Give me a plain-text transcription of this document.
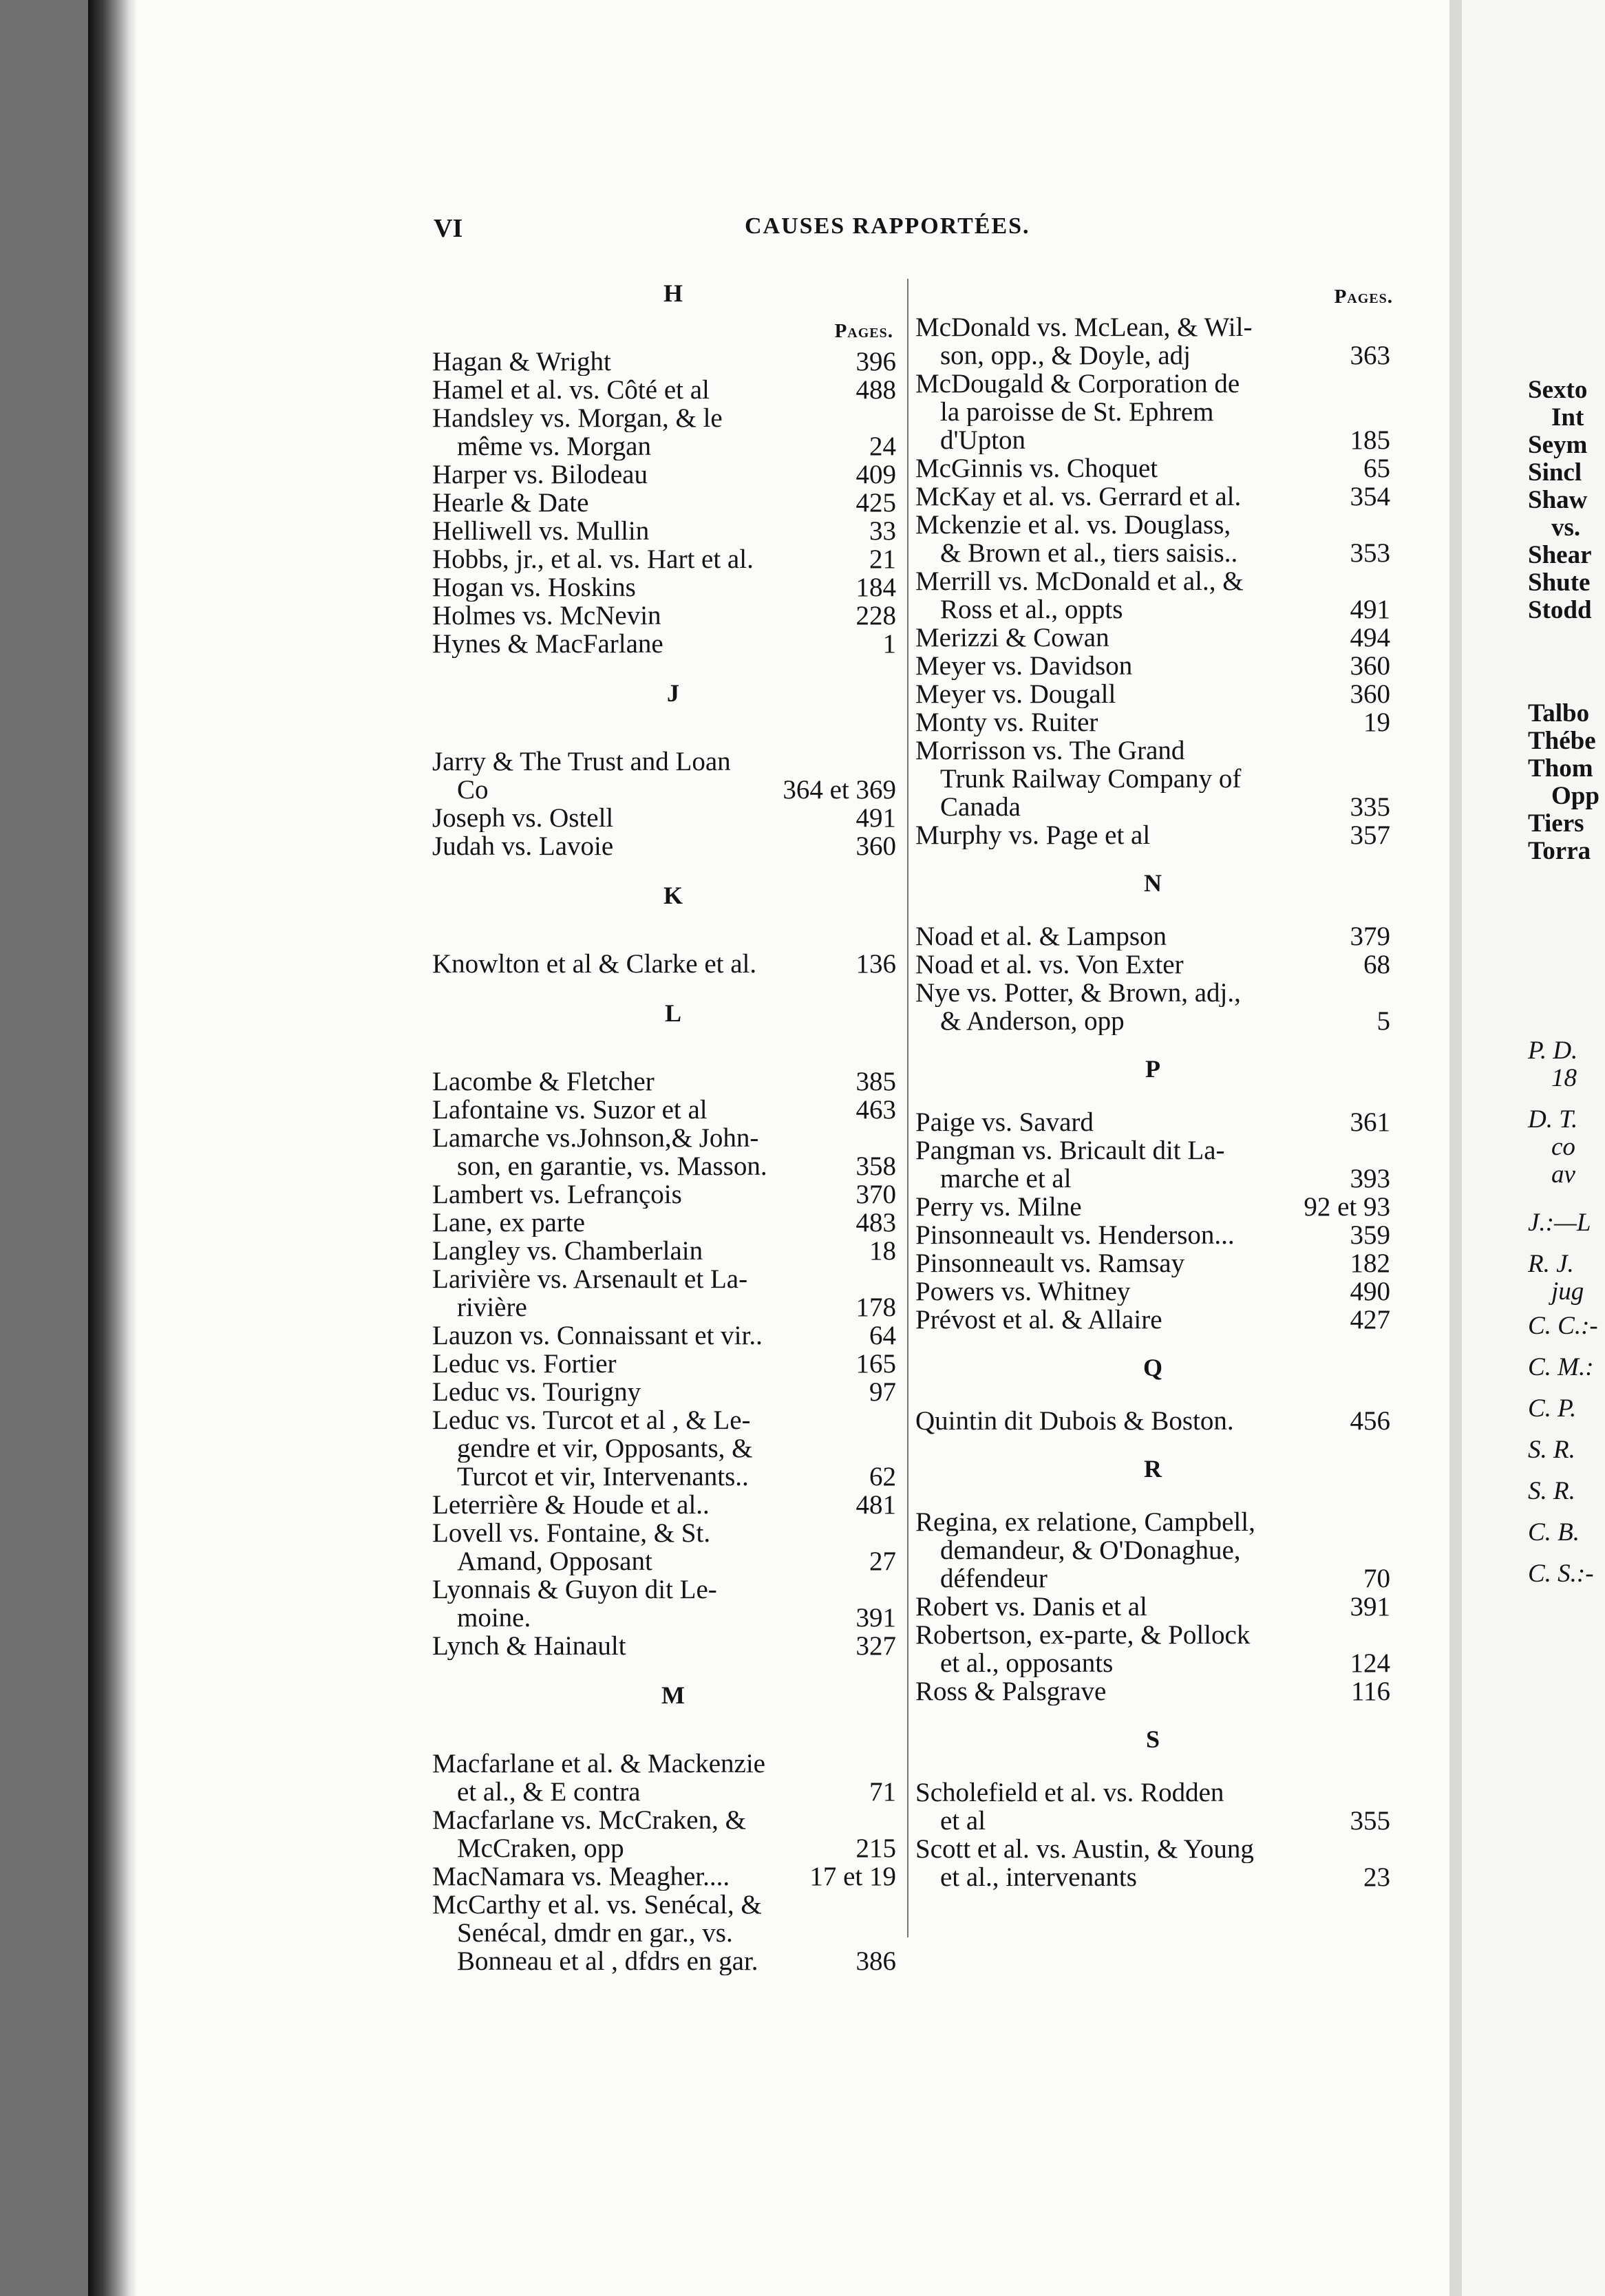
Sexto
Int
Seym
Sincl
Shaw
vs.
Shear
Shute
Stodd
Talbo
Thébe
Thom
Opp
Tiers
Torra
P. D.
18
D. T.
co
av
J.:—L
R. J.
jug
C. C.:-
C. M.:
C. P.
S. R.
S. R.
C. B.
C. S.:-
VI	CAUSES RAPPORTÉES.
Pages.
H
Hagan & Wright	396
Hamel et al. vs. Côté et al	488
Handsley vs. Morgan, & le
même vs. Morgan	24
Harper vs. Bilodeau	409
Hearle & Date	425
Helliwell vs. Mullin	33
Hobbs, jr., et al. vs. Hart et al.	21
Hogan vs. Hoskins	184
Holmes vs. McNevin	228
Hynes & MacFarlane	1
J
Jarry & The Trust and Loan
Co	364 et 369
Joseph vs. Ostell	491
Judah vs. Lavoie	360
K
Knowlton et al & Clarke et al.	136
L
Lacombe & Fletcher	385
Lafontaine vs. Suzor et al	463
Lamarche vs.Johnson,& John-
son, en garantie, vs. Masson.	358
Lambert vs. Lefrançois	370
Lane, ex parte	483
Langley vs. Chamberlain	18
Larivière vs. Arsenault et La-
rivière	178
Lauzon vs. Connaissant et vir..	64
Leduc vs. Fortier	165
Leduc vs. Tourigny	97
Leduc vs. Turcot et al , & Le-
gendre et vir, Opposants, &
Turcot et vir, Intervenants..	62
Leterrière & Houde et al..	481
Lovell vs. Fontaine, & St.
Amand, Opposant	27
Lyonnais & Guyon dit Le-
moine.	391
Lynch & Hainault	327
M
Macfarlane et al. & Mackenzie
et al., & E contra	71
Macfarlane vs. McCraken, &
McCraken, opp	215
MacNamara vs. Meagher....	17 et 19
McCarthy et al. vs. Senécal, &
Senécal, dmdr en gar., vs.
Bonneau et al , dfdrs en gar.	386
Pages.
McDonald vs. McLean, & Wil-
son, opp., & Doyle, adj	363
McDougald & Corporation de
la paroisse de St. Ephrem
d'Upton	185
McGinnis vs. Choquet	65
McKay et al. vs. Gerrard et al.	354
Mckenzie et al. vs. Douglass,
& Brown et al., tiers saisis..	353
Merrill vs. McDonald et al., &
Ross et al., oppts	491
Merizzi & Cowan	494
Meyer vs. Davidson	360
Meyer vs. Dougall	360
Monty vs. Ruiter	19
Morrisson vs. The Grand
Trunk Railway Company of
Canada	335
Murphy vs. Page et al	357
N
Noad et al. & Lampson	379
Noad et al. vs. Von Exter	68
Nye vs. Potter, & Brown, adj.,
& Anderson, opp	5
P
Paige vs. Savard	361
Pangman vs. Bricault dit La-
marche et al	393
Perry vs. Milne	92 et 93
Pinsonneault vs. Henderson...	359
Pinsonneault vs. Ramsay	182
Powers vs. Whitney	490
Prévost et al. & Allaire	427
Q
Quintin dit Dubois & Boston.	456
R
Regina, ex relatione, Campbell,
demandeur, & O'Donaghue,
défendeur	70
Robert vs. Danis et al	391
Robertson, ex-parte, & Pollock
et al., opposants	124
Ross & Palsgrave	116
S
Scholefield et al. vs. Rodden
et al	355
Scott et al. vs. Austin, & Young
et al., intervenants	23
